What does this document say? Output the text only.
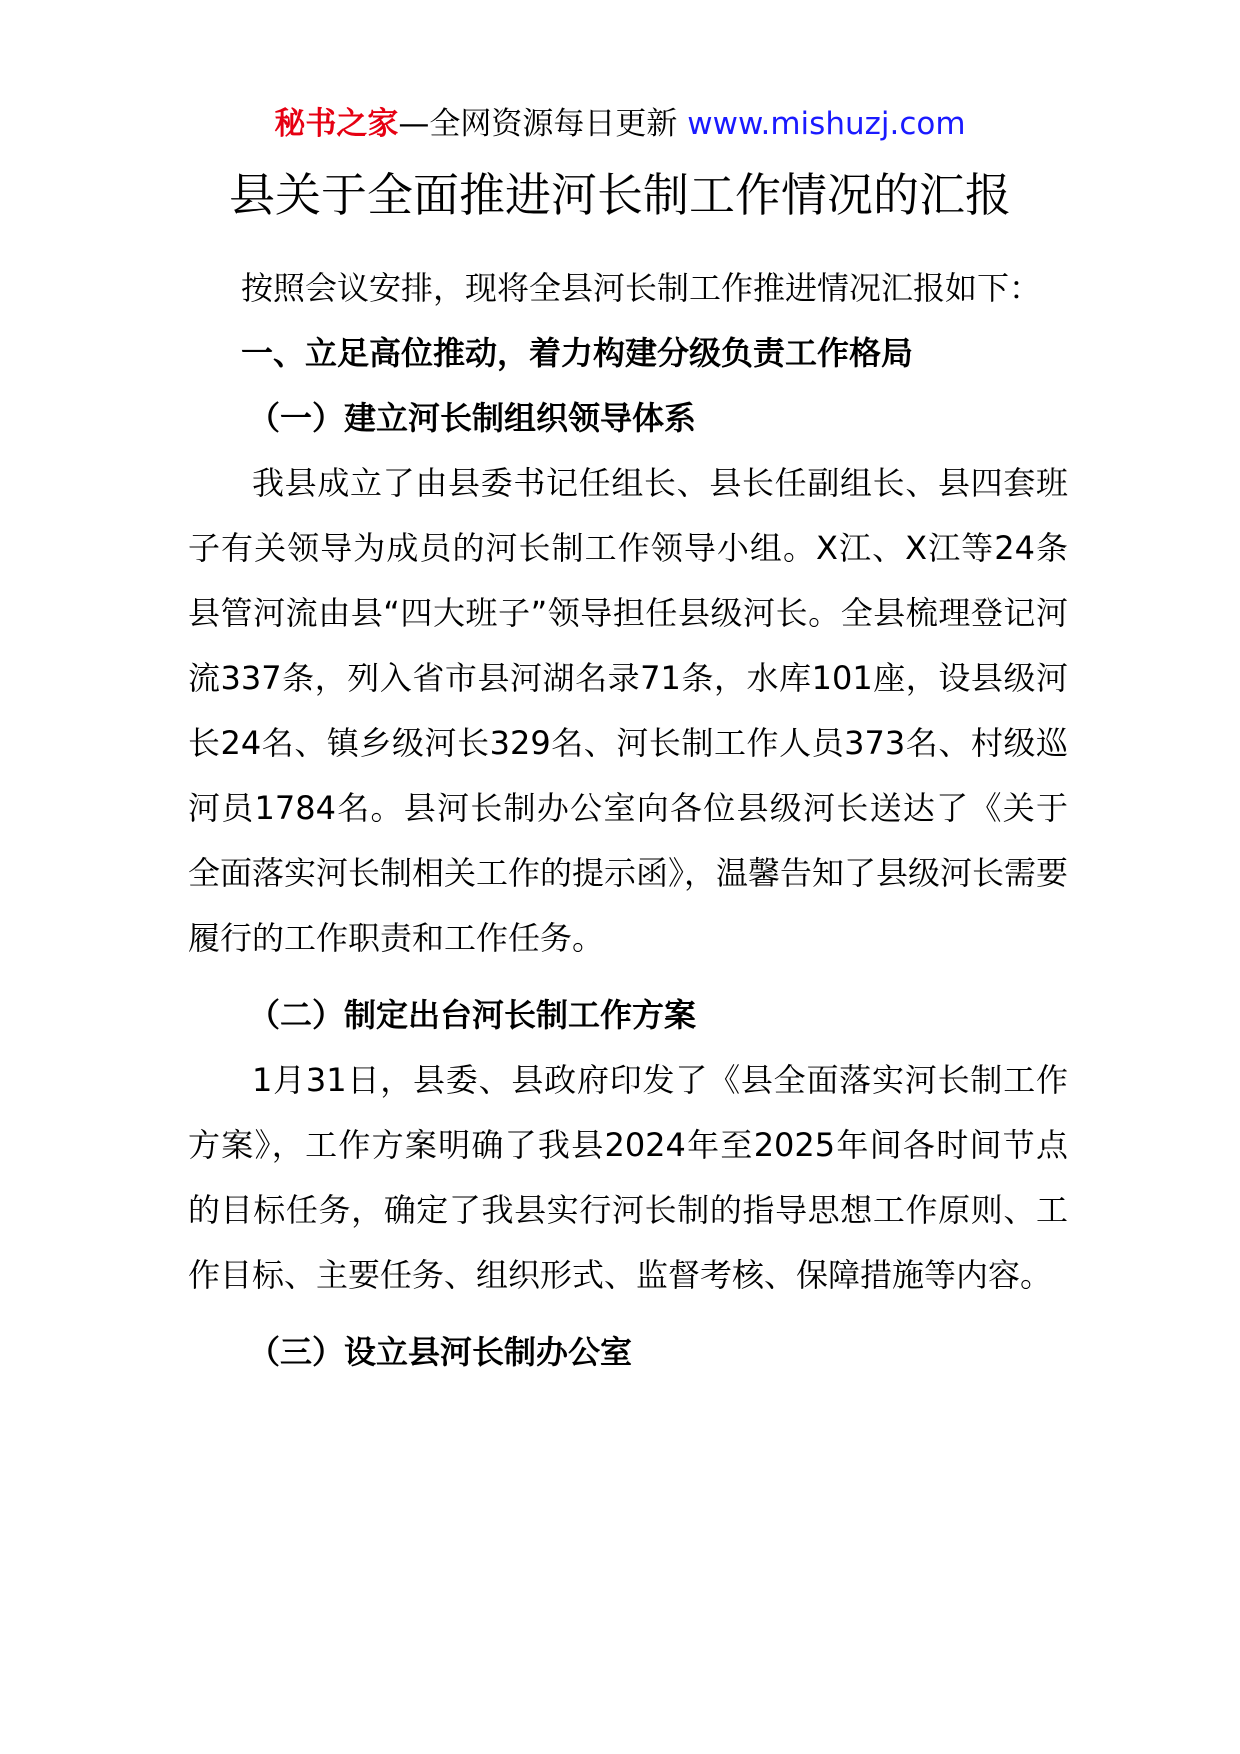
秘书之家—全网资源每日更新 www.mishuzj.com
县关于全面推进河长制工作情况的汇报

按照会议安排，现将全县河长制工作推进情况汇报如下：

一、立足高位推动，着力构建分级负责工作格局

（一）建立河长制组织领导体系

我县成立了由县委书记任组长、县长任副组长、县四套班子有关领导为成员的河长制工作领导小组。X江、X江等24条县管河流由县“四大班子”领导担任县级河长。全县梳理登记河流337条，列入省市县河湖名录71条，水库101座，设县级河长24名、镇乡级河长329名、河长制工作人员373名、村级巡河员1784名。县河长制办公室向各位县级河长送达了《关于全面落实河长制相关工作的提示函》，温馨告知了县级河长需要履行的工作职责和工作任务。

（二）制定出台河长制工作方案

1月31日，县委、县政府印发了《县全面落实河长制工作方案》，工作方案明确了我县2024年至2025年间各时间节点的目标任务，确定了我县实行河长制的指导思想工作原则、工作目标、主要任务、组织形式、监督考核、保障措施等内容。

（三）设立县河长制办公室
